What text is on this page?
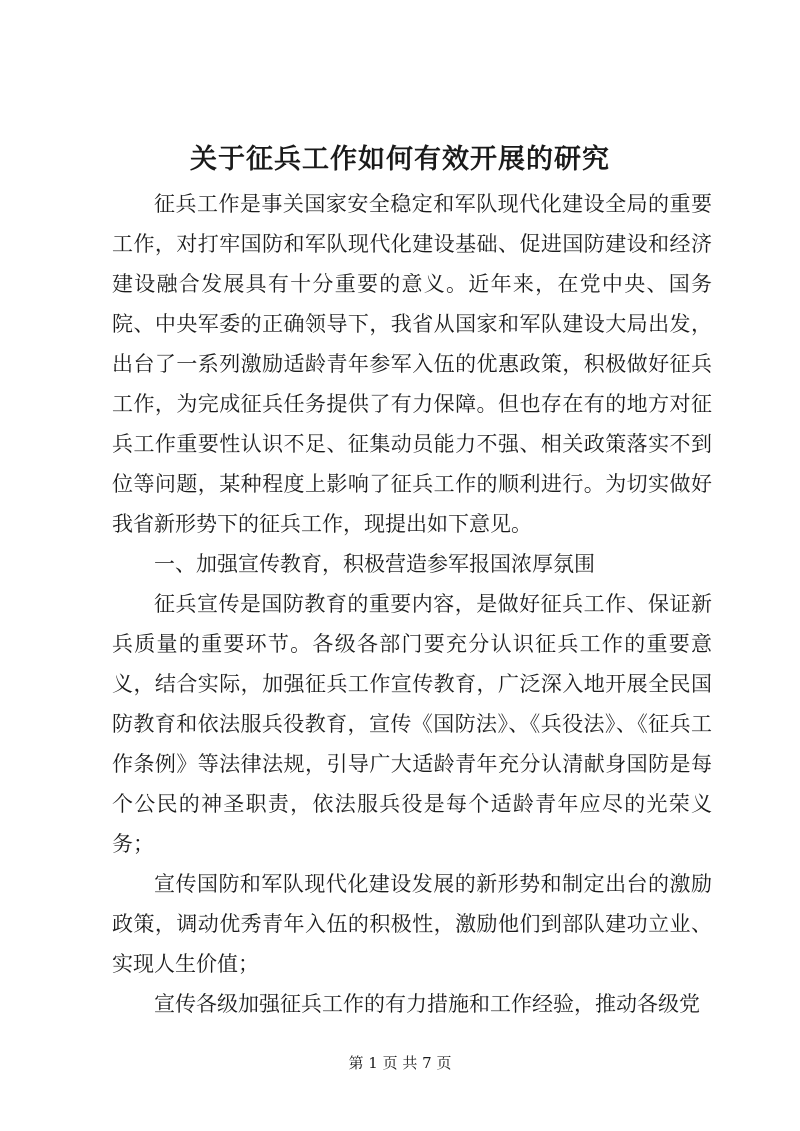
关于征兵工作如何有效开展的研究

征兵工作是事关国家安全稳定和军队现代化建设全局的重要工作，对打牢国防和军队现代化建设基础、促进国防建设和经济建设融合发展具有十分重要的意义。近年来，在党中央、国务院、中央军委的正确领导下，我省从国家和军队建设大局出发，出台了一系列激励适龄青年参军入伍的优惠政策，积极做好征兵工作，为完成征兵任务提供了有力保障。但也存在有的地方对征兵工作重要性认识不足、征集动员能力不强、相关政策落实不到位等问题，某种程度上影响了征兵工作的顺利进行。为切实做好我省新形势下的征兵工作，现提出如下意见。

一、加强宣传教育，积极营造参军报国浓厚氛围

征兵宣传是国防教育的重要内容，是做好征兵工作、保证新兵质量的重要环节。各级各部门要充分认识征兵工作的重要意义，结合实际，加强征兵工作宣传教育，广泛深入地开展全民国防教育和依法服兵役教育，宣传《国防法》、《兵役法》、《征兵工作条例》等法律法规，引导广大适龄青年充分认清献身国防是每个公民的神圣职责，依法服兵役是每个适龄青年应尽的光荣义务；

宣传国防和军队现代化建设发展的新形势和制定出台的激励政策，调动优秀青年入伍的积极性，激励他们到部队建功立业、实现人生价值；

宣传各级加强征兵工作的有力措施和工作经验，推动各级党

第 1 页 共 7 页
